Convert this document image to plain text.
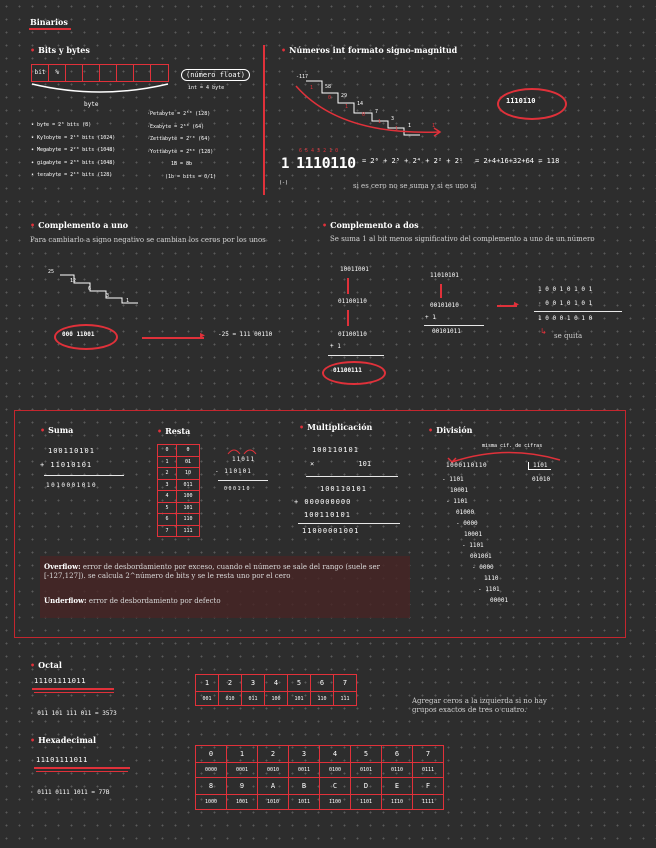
Binarios
• Bits y bytes
bit	%
byte
(número float)
int = 4 byte
• byte = 2³ bits (8)
• Kylobyte = 2¹⁰ bits (1024)
• Megabyte = 2²⁰ bits (1048)
• gigabyte = 2³⁰ bits (1048)
• terabyte = 2⁴⁰ bits (128)
·Petabyte = 2⁵⁰ (128)
·Exabyte = 2⁶⁰ (64)
·Zettabyte = 2⁷⁰ (64)
·Yottabyte = 2⁸⁰ (128)
1B = 8b
(1b = bits = 0/1)
• Números int formato signo-magnitud
-117
58
29
14
7
3
1
1
0
1
0
1
1	1
1110110
6 5 4 3 2 1 0
1 1110110 = 2⁶ + 2⁵ + 2⁴ + 2² + 2¹ = 2+4+16+32+64 = 118
(-)	si es cero no se suma y si es uno si
• Complemento a uno
Para cambiarlo a signo negativo se cambian los ceros por los unos
25
12
6
3
1
000 11001	▸ -25 = 111 00110
• Complemento a dos
Se suma 1 al bit menos significativo del complemento a uno de un número
10011001
01100110
01100110
+ 1
01100111
11010101
00101010
+ 1
00101011
▸
1 0 0 1 0 1 0 1
· 0 0 1 0 1 0 1
1 0 0 0 1 0 1 0
↳ se quita
• Suma
100110101
+ 11010101
1010001010
• Resta
0	0
1	01
2	10
3	011
4	100
5	101
6	110
7	111
11011
- 110101
000110
• Multiplicación
100110101
× 101
100110101
+ 000000000
100110101
11000001001
• División
misma cif. de cifras
1000110110	1101
01010
- 1101
10001
- 1101
01000
- 0000
10001
- 1101
001001
- 0000
1110
- 1101
00001
Overflow: error de desbordamiento por exceso, cuando el número se sale del rango (suele ser [-127,127]). se calcula 2^número de bits y se le resta uno por el cero
Underflow: error de desbordamiento por defecto
• Octal
11101111011
· 011 101 111 011 = 3573
1	2	3	4	5	6	7
001	010	011	100	101	110	111	Agregar ceros a la izquierda si no hay grupos exactos de tres o cuatro.
• Hexadecimal
11101111011
· 0111 0111 1011 = 77B
0	1	2	3	4	5	6	7
0000	0001	0010	0011	0100	0101	0110	0111
8	9	A	B	C	D	E	F
1000	1001	1010	1011	1100	1101	1110	1111
